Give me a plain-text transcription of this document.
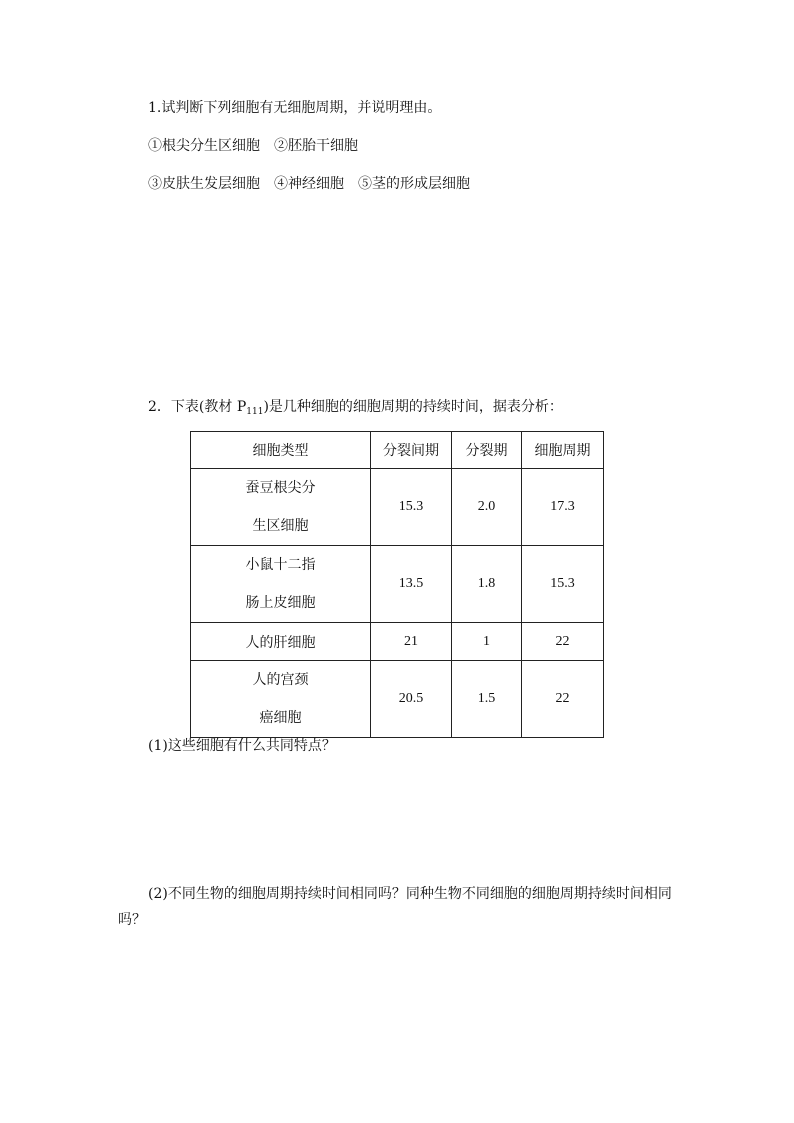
1.试判断下列细胞有无细胞周期，并说明理由。
①根尖分生区细胞　②胚胎干细胞
③皮肤生发层细胞　④神经细胞　⑤茎的形成层细胞
2．下表(教材 $P_{111}$)是几种细胞的细胞周期的持续时间，据表分析：
细胞类型	分裂间期	分裂期	细胞周期

蚕豆根尖分
生区细胞	15.3	2.0	17.3

小鼠十二指
肠上皮细胞	13.5	1.8	15.3
人的肝细胞	21	1	22

人的宫颈
癌细胞	20.5	1.5	22
(1)这些细胞有什么共同特点？
(2)不同生物的细胞周期持续时间相同吗？同种生物不同细胞的细胞周期持续时间相同
吗？
